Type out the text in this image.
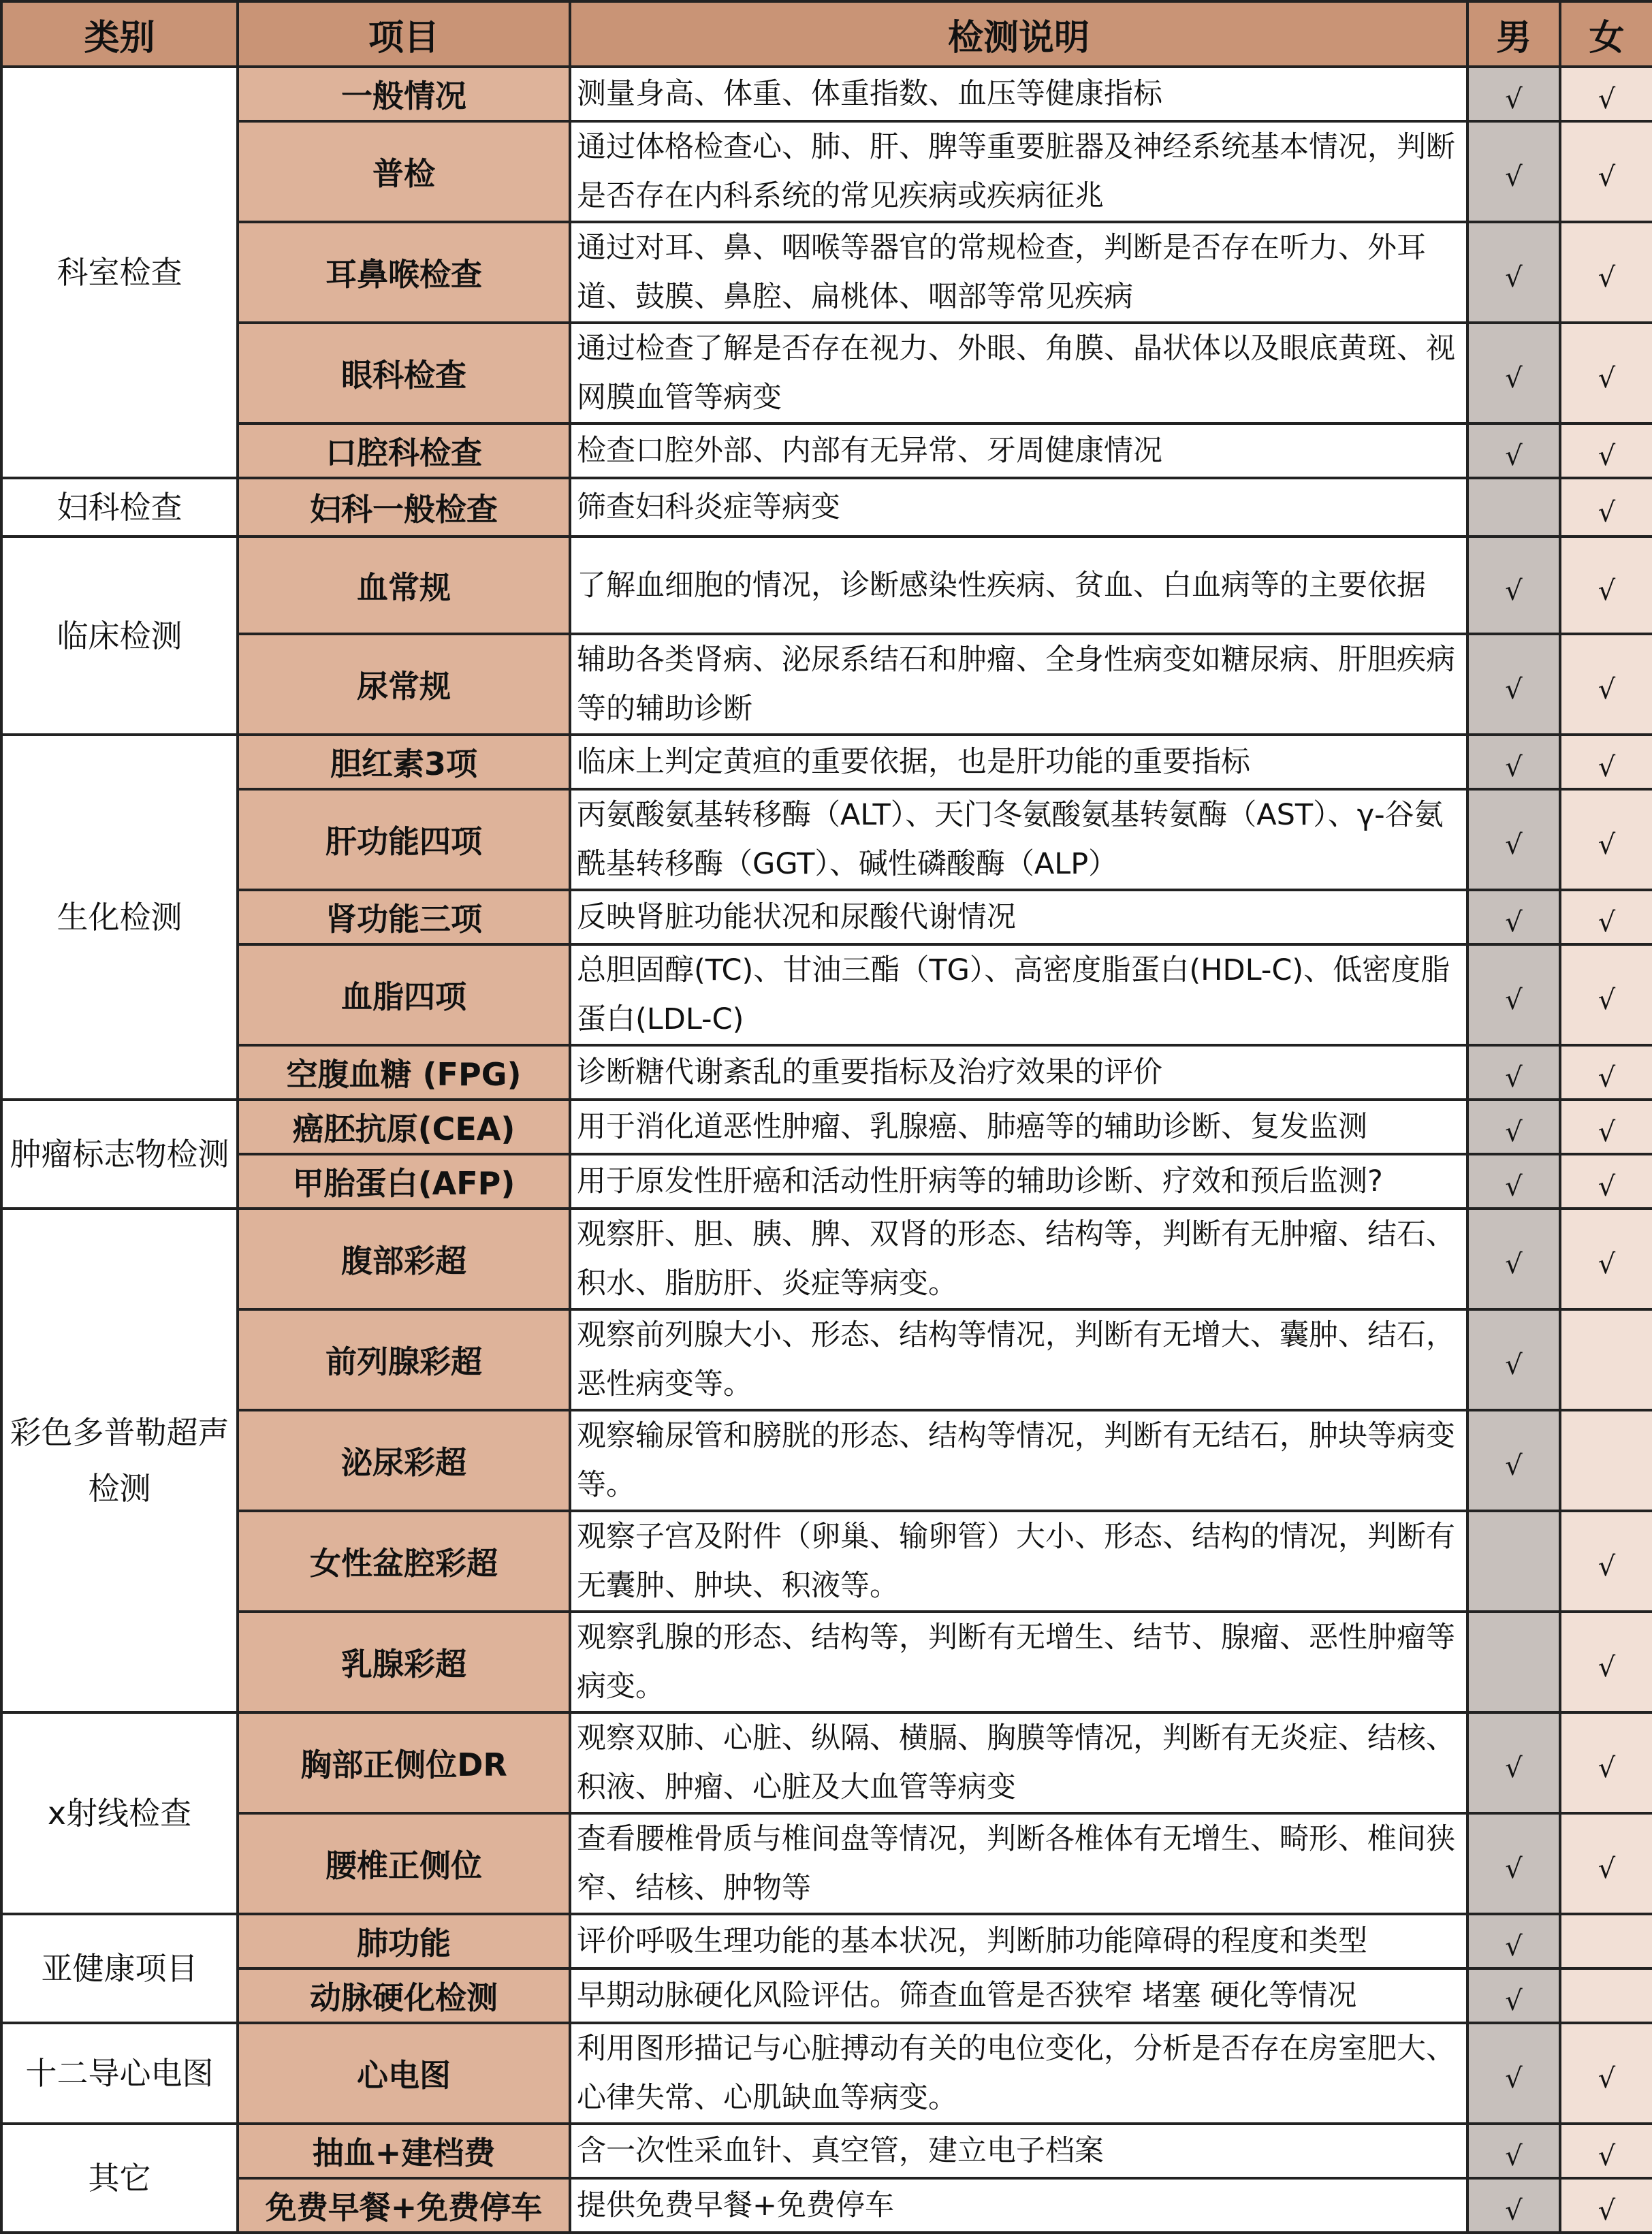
类别	项目	检测说明	男	女
科室检查	一般情况	测量身高、体重、体重指数、血压等健康指标	√	√
	普检	通过体格检查心、肺、肝、脾等重要脏器及神经系统基本情况，判断是否存在内科系统的常见疾病或疾病征兆	√	√
	耳鼻喉检查	通过对耳、鼻、咽喉等器官的常规检查，判断是否存在听力、外耳道、鼓膜、鼻腔、扁桃体、咽部等常见疾病	√	√
	眼科检查	通过检查了解是否存在视力、外眼、角膜、晶状体以及眼底黄斑、视网膜血管等病变	√	√
	口腔科检查	检查口腔外部、内部有无异常、牙周健康情况	√	√
妇科检查	妇科一般检查	筛查妇科炎症等病变		√
临床检测	血常规	了解血细胞的情况，诊断感染性疾病、贫血、白血病等的主要依据	√	√
	尿常规	辅助各类肾病、泌尿系结石和肿瘤、全身性病变如糖尿病、肝胆疾病等的辅助诊断	√	√
生化检测	胆红素3项	临床上判定黄疸的重要依据，也是肝功能的重要指标	√	√
	肝功能四项	丙氨酸氨基转移酶（ALT）、天门冬氨酸氨基转氨酶（AST）、γ-谷氨酰基转移酶（GGT）、碱性磷酸酶（ALP）	√	√
	肾功能三项	反映肾脏功能状况和尿酸代谢情况	√	√
	血脂四项	总胆固醇(TC)、甘油三酯（TG）、高密度脂蛋白(HDL-C)、低密度脂蛋白(LDL-C)	√	√
	空腹血糖 (FPG)	诊断糖代谢紊乱的重要指标及治疗效果的评价	√	√
肿瘤标志物检测	癌胚抗原(CEA)	用于消化道恶性肿瘤、乳腺癌、肺癌等的辅助诊断、复发监测	√	√
	甲胎蛋白(AFP)	用于原发性肝癌和活动性肝病等的辅助诊断、疗效和预后监测?	√	√
彩色多普勒超声检测	腹部彩超	观察肝、胆、胰、脾、双肾的形态、结构等，判断有无肿瘤、结石、积水、脂肪肝、炎症等病变。	√	√
	前列腺彩超	观察前列腺大小、形态、结构等情况，判断有无增大、囊肿、结石，恶性病变等。	√	
	泌尿彩超	观察输尿管和膀胱的形态、结构等情况，判断有无结石，肿块等病变等。	√	
	女性盆腔彩超	观察子宫及附件（卵巢、输卵管）大小、形态、结构的情况，判断有无囊肿、肿块、积液等。		√
	乳腺彩超	观察乳腺的形态、结构等，判断有无增生、结节、腺瘤、恶性肿瘤等病变。		√
x射线检查	胸部正侧位DR	观察双肺、心脏、纵隔、横膈、胸膜等情况，判断有无炎症、结核、积液、肿瘤、心脏及大血管等病变	√	√
	腰椎正侧位	查看腰椎骨质与椎间盘等情况，判断各椎体有无增生、畸形、椎间狭窄、结核、肿物等	√	√
亚健康项目	肺功能	评价呼吸生理功能的基本状况，判断肺功能障碍的程度和类型	√	
	动脉硬化检测	早期动脉硬化风险评估。筛查血管是否狭窄 堵塞 硬化等情况	√	
十二导心电图	心电图	利用图形描记与心脏搏动有关的电位变化，分析是否存在房室肥大、心律失常、心肌缺血等病变。	√	√
其它	抽血+建档费	含一次性采血针、真空管，建立电子档案	√	√
	免费早餐+免费停车	提供免费早餐+免费停车	√	√
